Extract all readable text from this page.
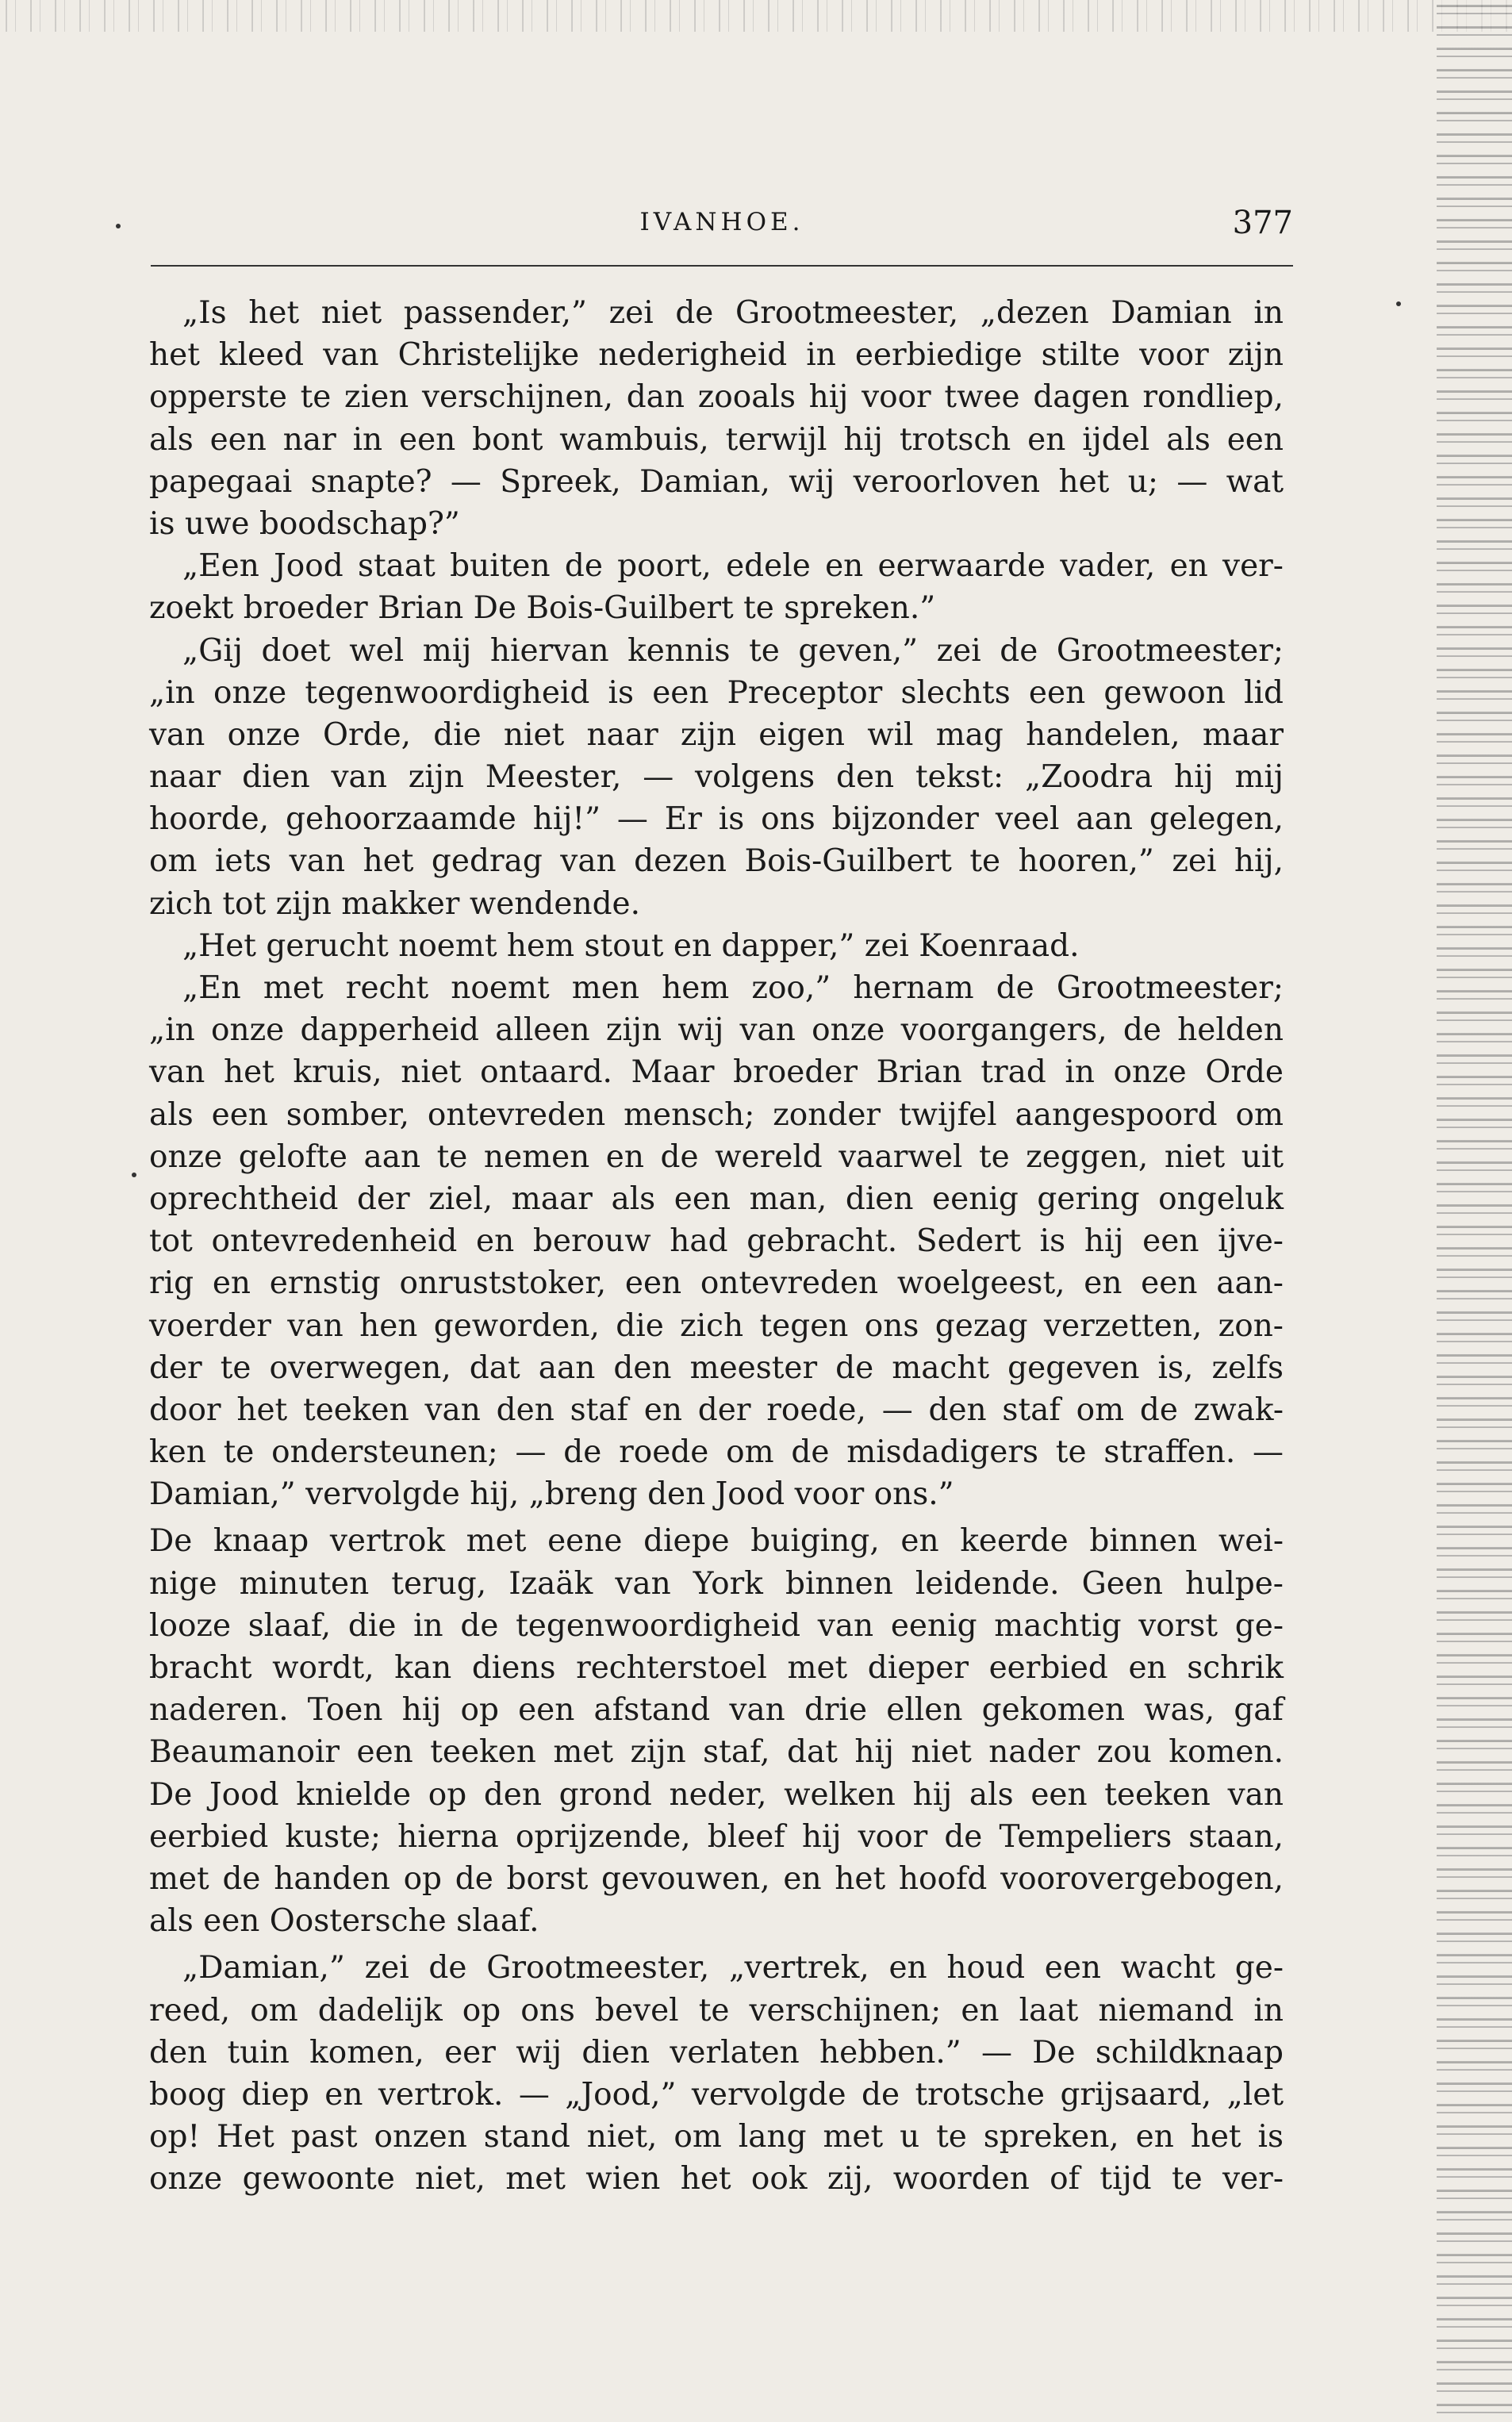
IVANHOE.	377
„Is het niet passender,” zei de Grootmeester, „dezen Damian in
het kleed van Christelijke nederigheid in eerbiedige stilte voor zijn
opperste te zien verschijnen, dan zooals hij voor twee dagen rondliep,
als een nar in een bont wambuis, terwijl hij trotsch en ijdel als een
papegaai snapte? — Spreek, Damian, wij veroorloven het u; — wat
is uwe boodschap?”
„Een Jood staat buiten de poort, edele en eerwaarde vader, en ver-
zoekt broeder Brian De Bois-Guilbert te spreken.”
„Gij doet wel mij hiervan kennis te geven,” zei de Grootmeester;
„in onze tegenwoordigheid is een Preceptor slechts een gewoon lid
van onze Orde, die niet naar zijn eigen wil mag handelen, maar
naar dien van zijn Meester, — volgens den tekst: „Zoodra hij mij
hoorde, gehoorzaamde hij!” — Er is ons bijzonder veel aan gelegen,
om iets van het gedrag van dezen Bois-Guilbert te hooren,” zei hij,
zich tot zijn makker wendende.
„Het gerucht noemt hem stout en dapper,” zei Koenraad.
„En met recht noemt men hem zoo,” hernam de Grootmeester;
„in onze dapperheid alleen zijn wij van onze voorgangers, de helden
van het kruis, niet ontaard. Maar broeder Brian trad in onze Orde
als een somber, ontevreden mensch; zonder twijfel aangespoord om
onze gelofte aan te nemen en de wereld vaarwel te zeggen, niet uit
oprechtheid der ziel, maar als een man, dien eenig gering ongeluk
tot ontevredenheid en berouw had gebracht. Sedert is hij een ijve-
rig en ernstig onruststoker, een ontevreden woelgeest, en een aan-
voerder van hen geworden, die zich tegen ons gezag verzetten, zon-
der te overwegen, dat aan den meester de macht gegeven is, zelfs
door het teeken van den staf en der roede, — den staf om de zwak-
ken te ondersteunen; — de roede om de misdadigers te straffen. —
Damian,” vervolgde hij, „breng den Jood voor ons.”
De knaap vertrok met eene diepe buiging, en keerde binnen wei-
nige minuten terug, Izaäk van York binnen leidende. Geen hulpe-
looze slaaf, die in de tegenwoordigheid van eenig machtig vorst ge-
bracht wordt, kan diens rechterstoel met dieper eerbied en schrik
naderen. Toen hij op een afstand van drie ellen gekomen was, gaf
Beaumanoir een teeken met zijn staf, dat hij niet nader zou komen.
De Jood knielde op den grond neder, welken hij als een teeken van
eerbied kuste; hierna oprijzende, bleef hij voor de Tempeliers staan,
met de handen op de borst gevouwen, en het hoofd voorovergebogen,
als een Oostersche slaaf.
„Damian,” zei de Grootmeester, „vertrek, en houd een wacht ge-
reed, om dadelijk op ons bevel te verschijnen; en laat niemand in
den tuin komen, eer wij dien verlaten hebben.” — De schildknaap
boog diep en vertrok. — „Jood,” vervolgde de trotsche grijsaard, „let
op! Het past onzen stand niet, om lang met u te spreken, en het is
onze gewoonte niet, met wien het ook zij, woorden of tijd te ver-
